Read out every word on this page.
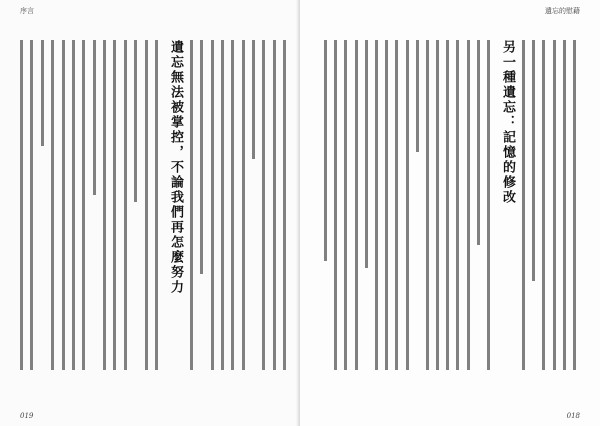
序言
遺忘無法被掌控，不論我們再怎麼努力
019
遺忘的慰藉
另一種遺忘：記憶的修改
018
